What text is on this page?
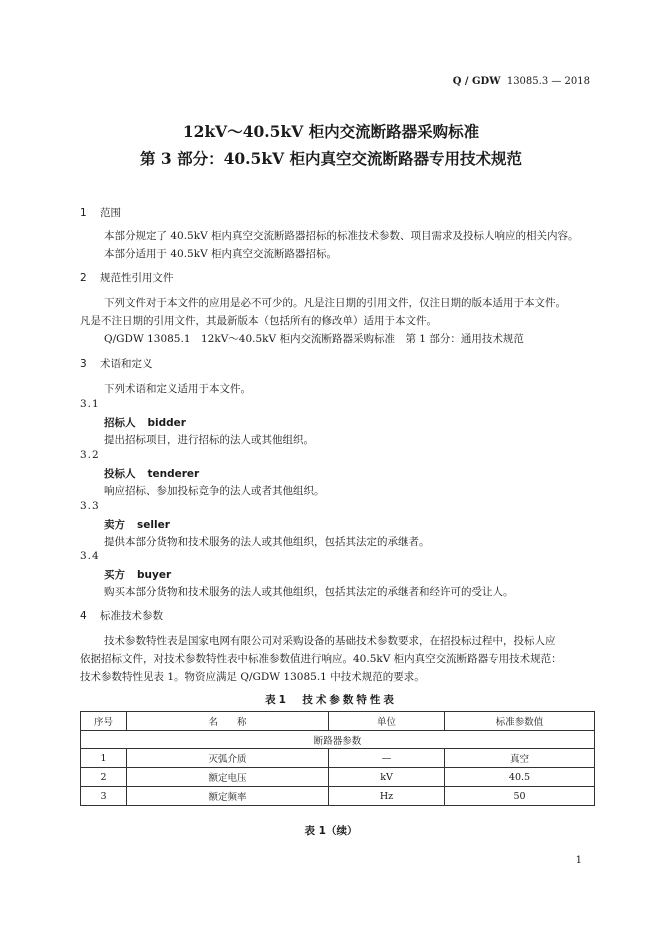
Q / GDW 13085.3 — 2018
12kV～40.5kV 柜内交流断路器采购标准
第 3 部分：40.5kV 柜内真空交流断路器专用技术规范
1 范围
本部分规定了 40.5kV 柜内真空交流断路器招标的标准技术参数、项目需求及投标人响应的相关内容。
本部分适用于 40.5kV 柜内真空交流断路器招标。
2 规范性引用文件
下列文件对于本文件的应用是必不可少的。凡是注日期的引用文件，仅注日期的版本适用于本文件。
凡是不注日期的引用文件，其最新版本（包括所有的修改单）适用于本文件。
Q/GDW 13085.1　12kV～40.5kV 柜内交流断路器采购标准　第 1 部分：通用技术规范
3 术语和定义
下列术语和定义适用于本文件。
3.1
招标人 bidder
提出招标项目，进行招标的法人或其他组织。
3.2
投标人 tenderer
响应招标、参加投标竞争的法人或者其他组织。
3.3
卖方 seller
提供本部分货物和技术服务的法人或其他组织，包括其法定的承继者。
3.4
买方 buyer
购买本部分货物和技术服务的法人或其他组织，包括其法定的承继者和经许可的受让人。
4 标准技术参数
技术参数特性表是国家电网有限公司对采购设备的基础技术参数要求，在招投标过程中，投标人应
依据招标文件，对技术参数特性表中标准参数值进行响应。40.5kV 柜内真空交流断路器专用技术规范：
技术参数特性见表 1。物资应满足 Q/GDW 13085.1 中技术规范的要求。
表1　技术参数特性表
序号	名　　称	单位	标准参数值
断路器参数			
1	灭弧介质	—	真空
2	额定电压	kV	40.5
3	额定频率	Hz	50
表 1（续）
1
